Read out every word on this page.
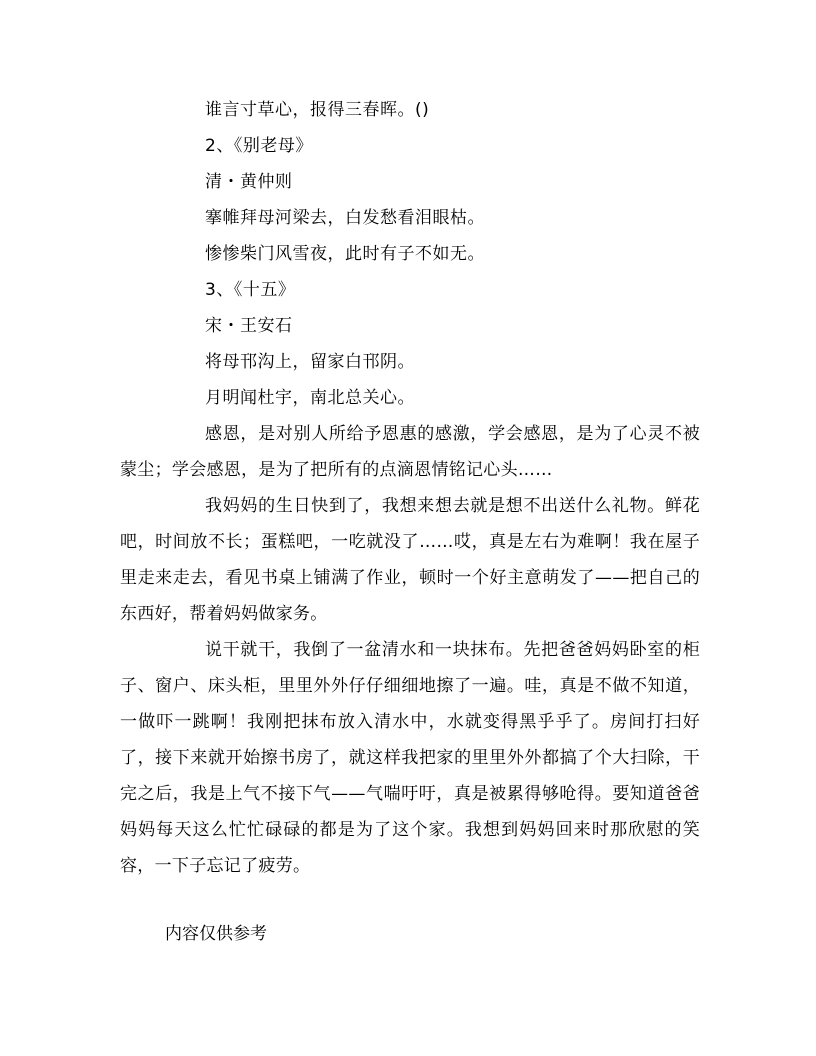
谁言寸草心，报得三春晖。()
2、《别老母》
清・黄仲则
搴帷拜母河梁去，白发愁看泪眼枯。
惨惨柴门风雪夜，此时有子不如无。
3、《十五》
宋・王安石
将母邗沟上，留家白邗阴。
月明闻杜宇，南北总关心。

感恩，是对别人所给予恩惠的感激，学会感恩，是为了心灵不被蒙尘；学会感恩，是为了把所有的点滴恩情铭记心头……

我妈妈的生日快到了，我想来想去就是想不出送什么礼物。鲜花吧，时间放不长；蛋糕吧，一吃就没了……哎，真是左右为难啊！我在屋子里走来走去，看见书桌上铺满了作业，顿时一个好主意萌发了——把自己的东西好，帮着妈妈做家务。

说干就干，我倒了一盆清水和一块抹布。先把爸爸妈妈卧室的柜子、窗户、床头柜，里里外外仔仔细细地擦了一遍。哇，真是不做不知道，一做吓一跳啊！我刚把抹布放入清水中，水就变得黑乎乎了。房间打扫好了，接下来就开始擦书房了，就这样我把家的里里外外都搞了个大扫除，干完之后，我是上气不接下气——气喘吁吁，真是被累得够呛得。要知道爸爸妈妈每天这么忙忙碌碌的都是为了这个家。我想到妈妈回来时那欣慰的笑容，一下子忘记了疲劳。

内容仅供参考
